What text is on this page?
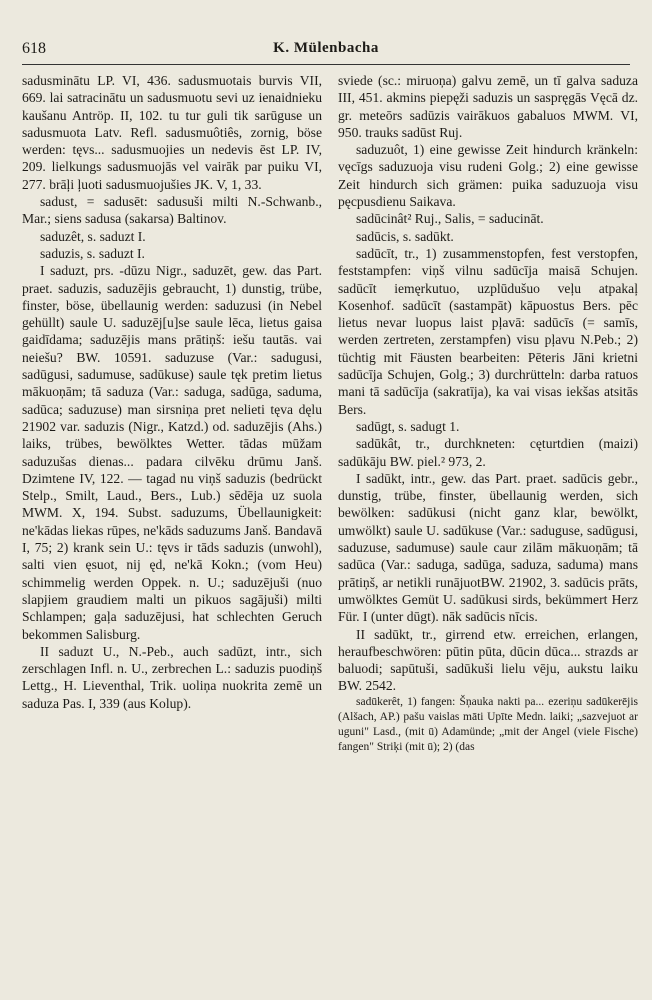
618	K. Mülenbacha

sadusminātu LP. VI, 436. sadusmuotais burvis VII, 669. lai satracinātu un sadusmuotu sevi uz ienaidnieku kaušanu Antröp. II, 102. tu tur guli tik sarūguse un sadusmuota Latv. Refl. sadusmuôtiês, zornig, böse werden: tęvs... sadusmuojies un nedevis ēst LP. IV, 209. lielkungs sadusmuojās vel vairāk par puiku VI, 277. brāļi ļuoti sadusmuojušies JK. V, 1, 33.

sadust, = sadusēt: sadusuši milti N.-Schwanb., Mar.; siens sadusa (sakarsa) Baltinov.

saduzêt, s. saduzt I.

saduzis, s. saduzt I.

I saduzt, prs. -dūzu Nigr., saduzēt, gew. das Part. praet. saduzis, saduzējis gebraucht, 1) dunstig, trübe, finster, böse, übellaunig werden: saduzusi (in Nebel gehüllt) saule U. saduzēj[u]se saule lēca, lietus gaisa gaidīdama; saduzējis mans prātiņš: iešu tautās. vai neiešu? BW. 10591. saduzuse (Var.: sadugusi, sadūgusi, sadumuse, sadūkuse) saule tęk pretim lietus mākuoņām; tā saduza (Var.: saduga, sadūga, saduma, sadūca; saduzuse) man sirsniņa pret nelieti tęva dęlu 21902 var. saduzis (Nigr., Katzd.) od. saduzējis (Ahs.) laiks, trübes, bewölktes Wetter. tādas mūžam saduzušas dienas... padara cilvēku drūmu Janš. Dzimtene IV, 122. — tagad nu viņš saduzis (bedrückt Stelp., Smilt, Laud., Bers., Lub.) sēdēja uz suola MWM. X, 194. Subst. saduzums, Übellaunigkeit: ne'kādas liekas rūpes, ne'kāds saduzums Janš. Bandavā I, 75; 2) krank sein U.: tęvs ir tāds saduzis (unwohl), salti vien ęsuot, nij ęd, ne'kā Kokn.; (vom Heu) schimmelig werden Oppek. n. U.; saduzējuši (nuo slapjiem graudiem malti un pikuos sagājuši) milti Schlampen; gaļa saduzējusi, hat schlechten Geruch bekommen Salisburg.

II saduzt U., N.-Peb., auch sadūzt, intr., sich zerschlagen Infl. n. U., zerbrechen L.: saduzis puodiņš Lettg., H. Lieventhal, Trik. uoliņa nuokrita zemē un saduza Pas. I, 339 (aus Kolup).

sviede (sc.: miruoņa) galvu zemē, un tī galva saduza III, 451. akmins piepęži saduzis un saspręgās Vęcā dz. gr. meteōrs sadūzis vairākuos gabaluos MWM. VI, 950. trauks sadūst Ruj.

saduzuôt, 1) eine gewisse Zeit hindurch kränkeln: vęcīgs saduzuoja visu rudeni Golg.; 2) eine gewisse Zeit hindurch sich grämen: puika saduzuoja visu pęcpusdienu Saikava.

sadūcinât² Ruj., Salis, = saducināt.

sadūcis, s. sadūkt.

sadūcīt, tr., 1) zusammenstopfen, fest verstopfen, feststampfen: viņš vilnu sadūcīja maisā Schujen. sadūcīt iemęrkutuo, uzplūdušuo veļu atpakaļ Kosenhof. sadūcīt (sastampāt) kāpuostus Bers. pēc lietus nevar luopus laist pļavā: sadūcīs (= samīs, werden zertreten, zerstampfen) visu pļavu N.Peb.; 2) tüchtig mit Fäusten bearbeiten: Pēteris Jāni krietni sadūcīja Schujen, Golg.; 3) durchrütteln: darba ratuos mani tā sadūcīja (sakratīja), ka vai visas iekšas atsitās Bers.

sadūgt, s. sadugt 1.

sadūkât, tr., durchkneten: cęturtdien (maizi) sadūkāju BW. piel.² 973, 2.

I sadūkt, intr., gew. das Part. praet. sadūcis gebr., dunstig, trübe, finster, übellaunig werden, sich bewölken: sadūkusi (nicht ganz klar, bewölkt, umwölkt) saule U. sadūkuse (Var.: saduguse, sadūgusi, saduzuse, sadumuse) saule caur zilām mākuoņām; tā sadūca (Var.: saduga, sadūga, saduza, saduma) mans prātiņš, ar netikli runājuotBW. 21902, 3. sadūcis prāts, umwölktes Gemüt U. sadūkusi sirds, bekümmert Herz Für. I (unter dūgt). nāk sadūcis nīcis.

II sadūkt, tr., girrend etw. erreichen, erlangen, heraufbeschwören: pūtin pūta, dūcin dūca... strazds ar baluodi; sapūtuši, sadūkuši lielu vēju, aukstu laiku BW. 2542.

sadūkerêt, 1) fangen: Šņauka nakti pa... ezeriņu sadūkerējis (Alšach, AP.) pašu vaislas māti Upīte Medn. laiki; „sazvejuot ar uguni" Lasd., (mit ū) Adamünde; „mit der Angel (viele Fische) fangen" Striķi (mit ū); 2) (das
